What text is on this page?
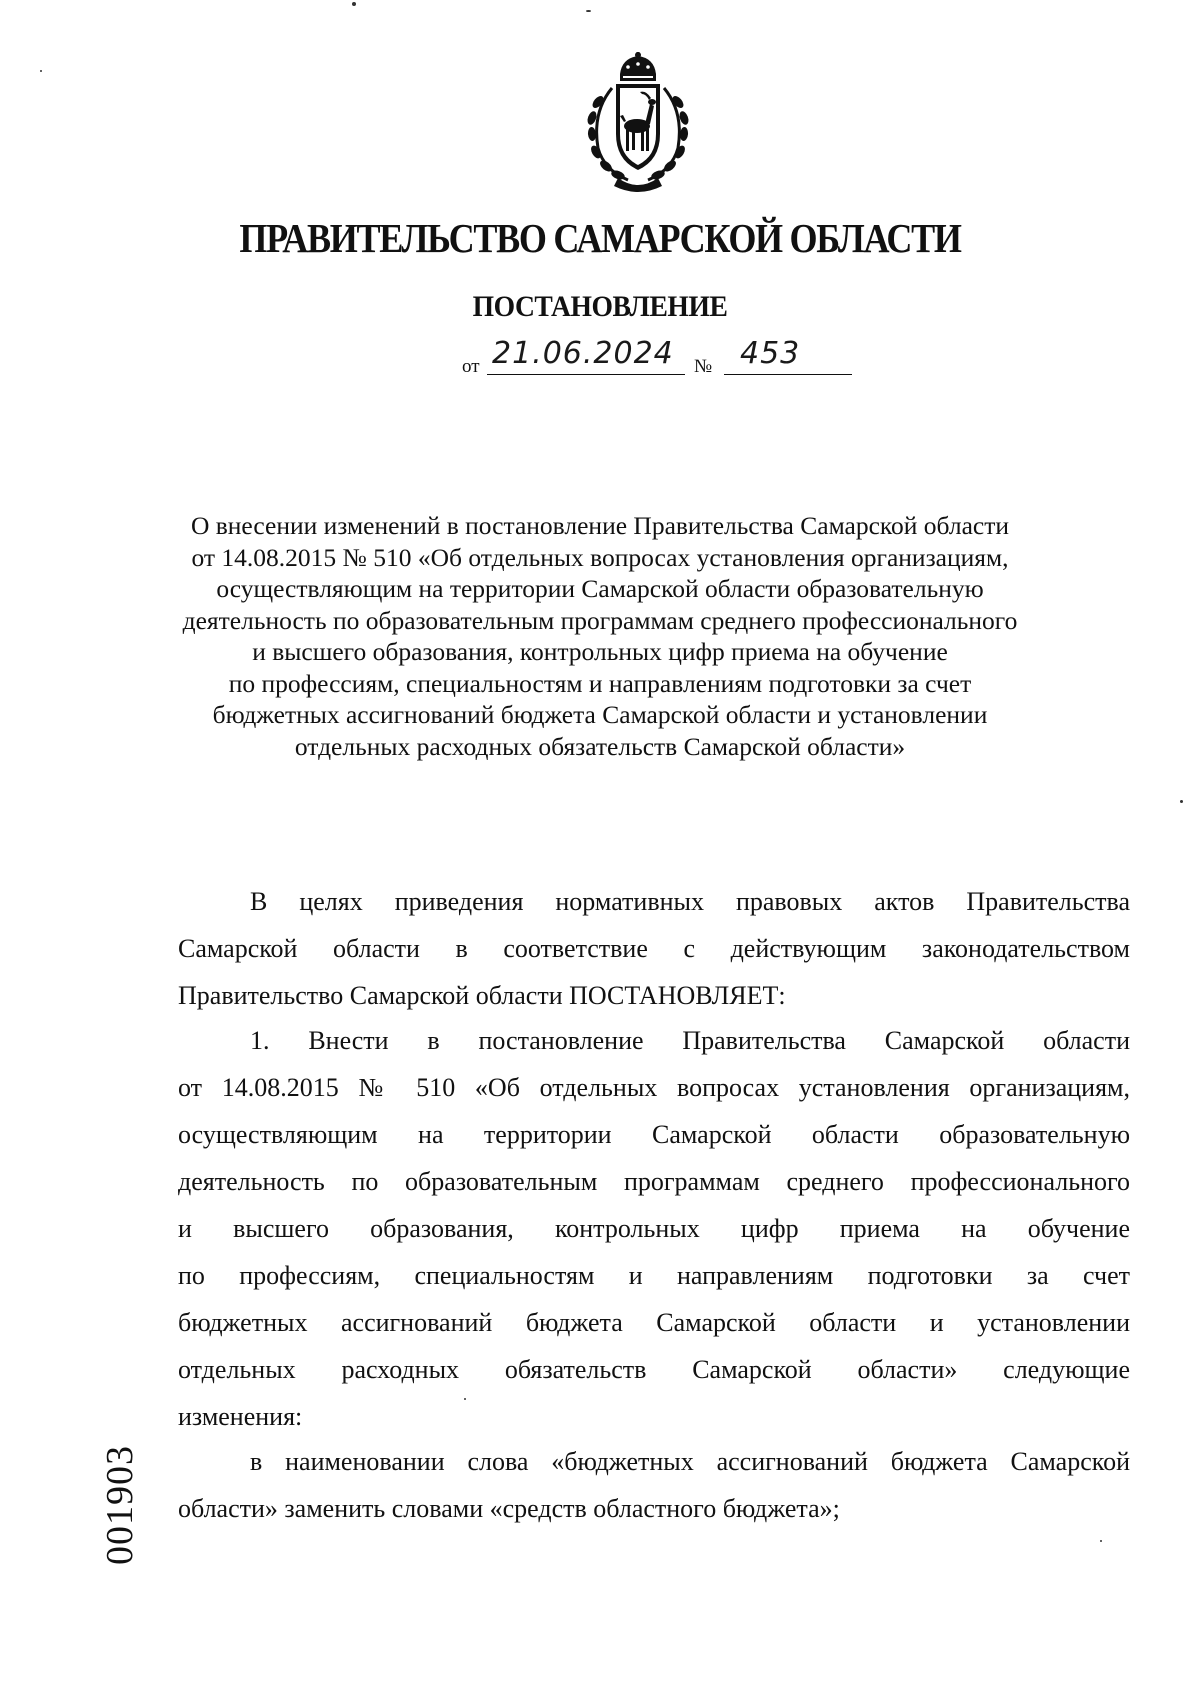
ПРАВИТЕЛЬСТВО САМАРСКОЙ ОБЛАСТИ
ПОСТАНОВЛЕНИЕ
от 21.06.2024 № 453

О внесении изменений в постановление Правительства Самарской области
от 14.08.2015 № 510 «Об отдельных вопросах установления организациям,
осуществляющим на территории Самарской области образовательную
деятельность по образовательным программам среднего профессионального
и высшего образования, контрольных цифр приема на обучение
по профессиям, специальностям и направлениям подготовки за счет
бюджетных ассигнований бюджета Самарской области и установлении
отдельных расходных обязательств Самарской области»

В целях приведения нормативных правовых актов Правительства
Самарской области в соответствие с действующим законодательством
Правительство Самарской области ПОСТАНОВЛЯЕТ:
1. Внести в постановление Правительства Самарской области
от 14.08.2015 № 510 «Об отдельных вопросах установления организациям,
осуществляющим на территории Самарской области образовательную
деятельность по образовательным программам среднего профессионального
и высшего образования, контрольных цифр приема на обучение
по профессиям, специальностям и направлениям подготовки за счет
бюджетных ассигнований бюджета Самарской области и установлении
отдельных расходных обязательств Самарской области» следующие
изменения:
в наименовании слова «бюджетных ассигнований бюджета Самарской
области» заменить словами «средств областного бюджета»;
001903
